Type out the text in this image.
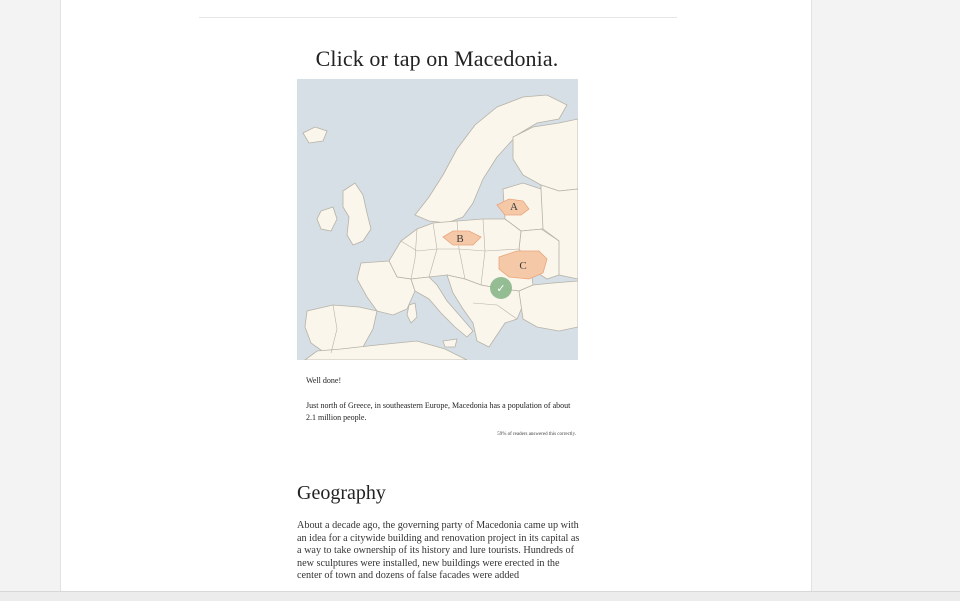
Click or tap on Macedonia.
A
B
C
✓
Well done!
Just north of Greece, in southeastern Europe, Macedonia has a population of about 2.1 million people.
59% of readers answered this correctly.
Geography

About a decade ago, the governing party of Macedonia came up with an idea for a citywide building and renovation project in its capital as a way to take ownership of its history and lure tourists. Hundreds of new sculptures were installed, new buildings were erected in the center of town and dozens of false facades were added
